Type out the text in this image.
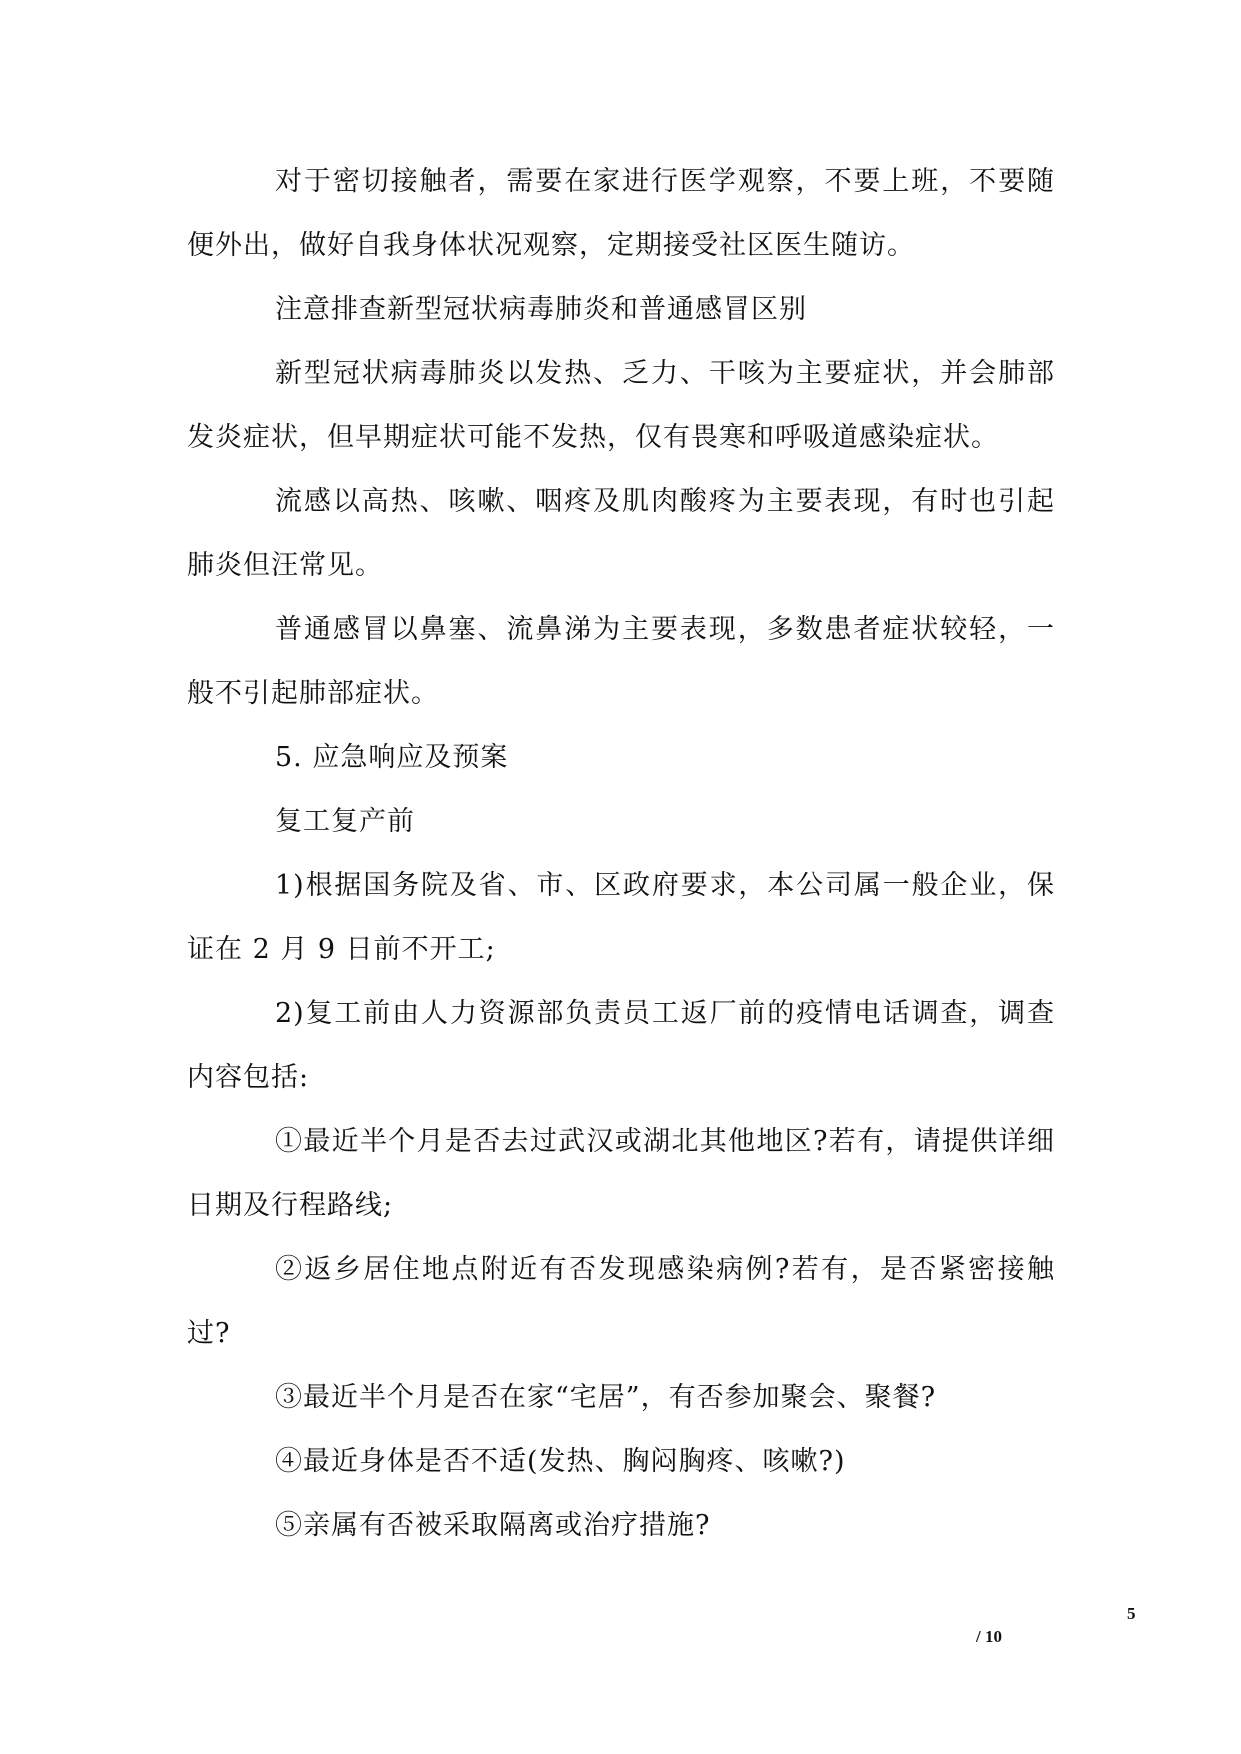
对于密切接触者，需要在家进行医学观察，不要上班，不要随便外出，做好自我身体状况观察，定期接受社区医生随访。

注意排查新型冠状病毒肺炎和普通感冒区别

新型冠状病毒肺炎以发热、乏力、干咳为主要症状，并会肺部发炎症状，但早期症状可能不发热，仅有畏寒和呼吸道感染症状。

流感以高热、咳嗽、咽疼及肌肉酸疼为主要表现，有时也引起肺炎但汪常见。

普通感冒以鼻塞、流鼻涕为主要表现，多数患者症状较轻，一般不引起肺部症状。

5. 应急响应及预案

复工复产前

1)根据国务院及省、市、区政府要求，本公司属一般企业，保证在 2 月 9 日前不开工;

2)复工前由人力资源部负责员工返厂前的疫情电话调查，调查内容包括:

①最近半个月是否去过武汉或湖北其他地区?若有，请提供详细日期及行程路线;

②返乡居住地点附近有否发现感染病例?若有，是否紧密接触过?

③最近半个月是否在家“宅居”，有否参加聚会、聚餐?

④最近身体是否不适(发热、胸闷胸疼、咳嗽?)

⑤亲属有否被采取隔离或治疗措施?

5
/ 10
